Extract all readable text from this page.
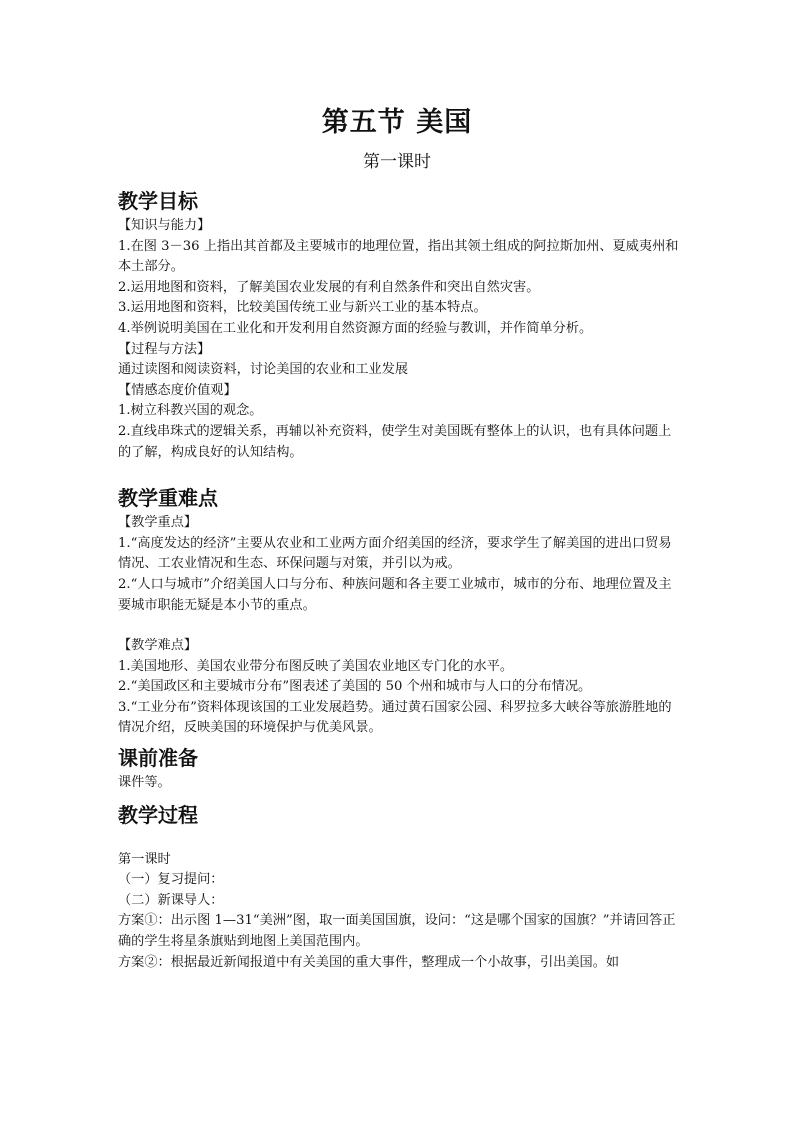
第五节 美国
第一课时
教学目标

【知识与能力】

1.在图 3－36 上指出其首都及主要城市的地理位置，指出其领土组成的阿拉斯加州、夏威夷州和本土部分。

2.运用地图和资料，了解美国农业发展的有利自然条件和突出自然灾害。

3.运用地图和资料，比较美国传统工业与新兴工业的基本特点。

4.举例说明美国在工业化和开发利用自然资源方面的经验与教训，并作简单分析。

【过程与方法】

通过读图和阅读资料，讨论美国的农业和工业发展

【情感态度价值观】

1.树立科教兴国的观念。

2.直线串珠式的逻辑关系，再辅以补充资料，使学生对美国既有整体上的认识，也有具体问题上的了解，构成良好的认知结构。

教学重难点

【教学重点】

1.“高度发达的经济”主要从农业和工业两方面介绍美国的经济，要求学生了解美国的进出口贸易情况、工农业情况和生态、环保问题与对策，并引以为戒。

2.“人口与城市”介绍美国人口与分布、种族问题和各主要工业城市，城市的分布、地理位置及主要城市职能无疑是本小节的重点。

【教学难点】

1.美国地形、美国农业带分布图反映了美国农业地区专门化的水平。

2.“美国政区和主要城市分布”图表述了美国的 50 个州和城市与人口的分布情况。

3.“工业分布”资料体现该国的工业发展趋势。通过黄石国家公园、科罗拉多大峡谷等旅游胜地的情况介绍，反映美国的环境保护与优美风景。

课前准备

课件等。

教学过程

第一课时

（一）复习提问：

（二）新课导人：

方案①：出示图 1—31“美洲”图，取一面美国国旗，设问：“这是哪个国家的国旗？”并请回答正确的学生将星条旗贴到地图上美国范围内。

方案②：根据最近新闻报道中有关美国的重大事件，整理成一个小故事，引出美国。如
